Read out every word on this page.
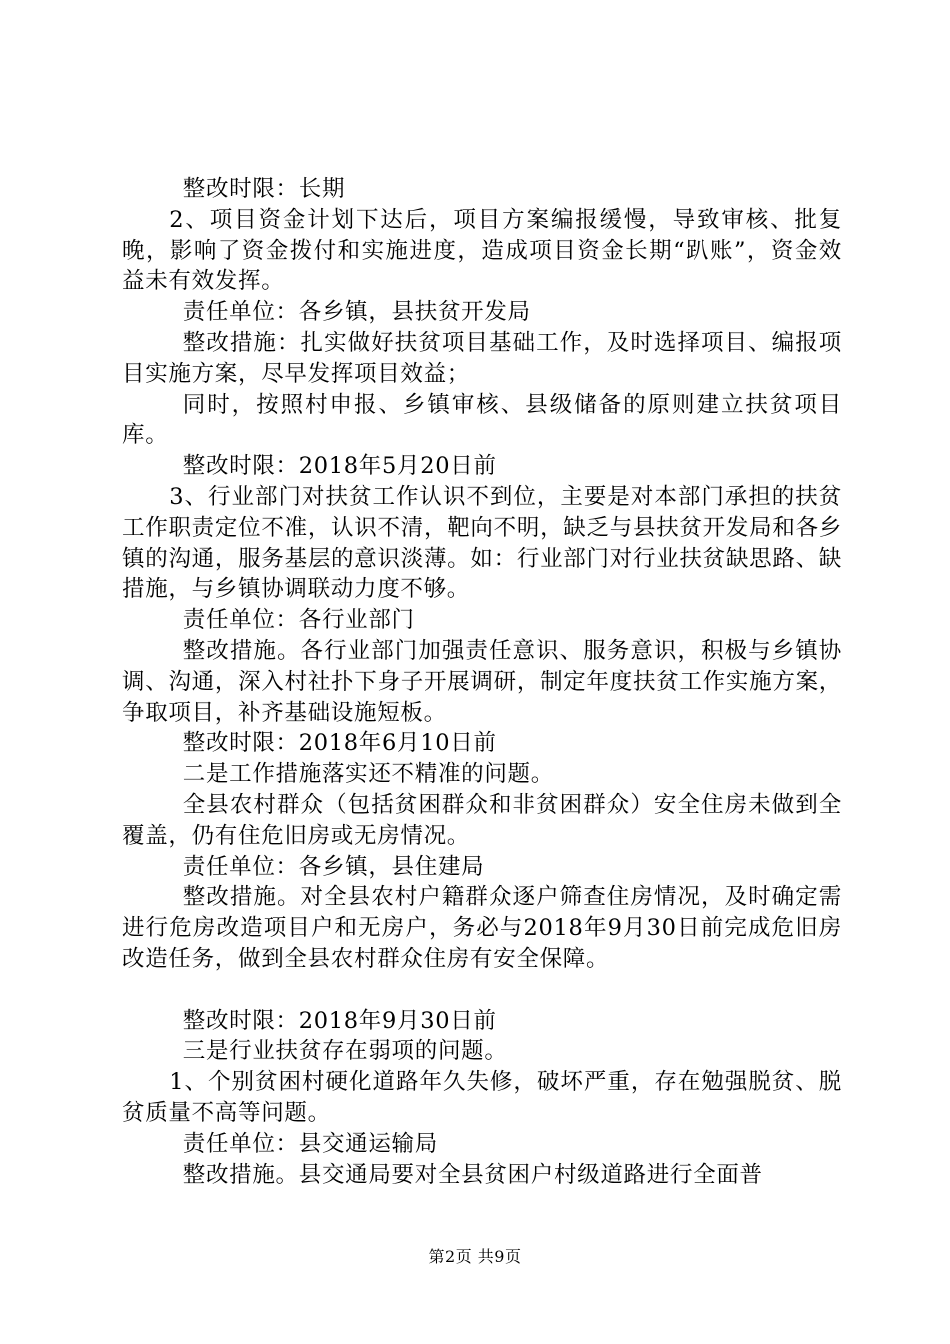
整改时限：长期

2、项目资金计划下达后，项目方案编报缓慢，导致审核、批复晚，影响了资金拨付和实施进度，造成项目资金长期“趴账”，资金效益未有效发挥。

责任单位：各乡镇，县扶贫开发局

整改措施：扎实做好扶贫项目基础工作，及时选择项目、编报项目实施方案，尽早发挥项目效益；

同时，按照村申报、乡镇审核、县级储备的原则建立扶贫项目库。

整改时限：2018年5月20日前

3、行业部门对扶贫工作认识不到位，主要是对本部门承担的扶贫工作职责定位不准，认识不清，靶向不明，缺乏与县扶贫开发局和各乡镇的沟通，服务基层的意识淡薄。如：行业部门对行业扶贫缺思路、缺措施，与乡镇协调联动力度不够。

责任单位：各行业部门

整改措施。各行业部门加强责任意识、服务意识，积极与乡镇协调、沟通，深入村社扑下身子开展调研，制定年度扶贫工作实施方案，争取项目，补齐基础设施短板。

整改时限：2018年6月10日前

二是工作措施落实还不精准的问题。

全县农村群众（包括贫困群众和非贫困群众）安全住房未做到全覆盖，仍有住危旧房或无房情况。

责任单位：各乡镇，县住建局

整改措施。对全县农村户籍群众逐户筛查住房情况，及时确定需进行危房改造项目户和无房户，务必与2018年9月30日前完成危旧房改造任务，做到全县农村群众住房有安全保障。

整改时限：2018年9月30日前

三是行业扶贫存在弱项的问题。

1、个别贫困村硬化道路年久失修，破坏严重，存在勉强脱贫、脱贫质量不高等问题。

责任单位：县交通运输局

整改措施。县交通局要对全县贫困户村级道路进行全面普

第2页 共9页
